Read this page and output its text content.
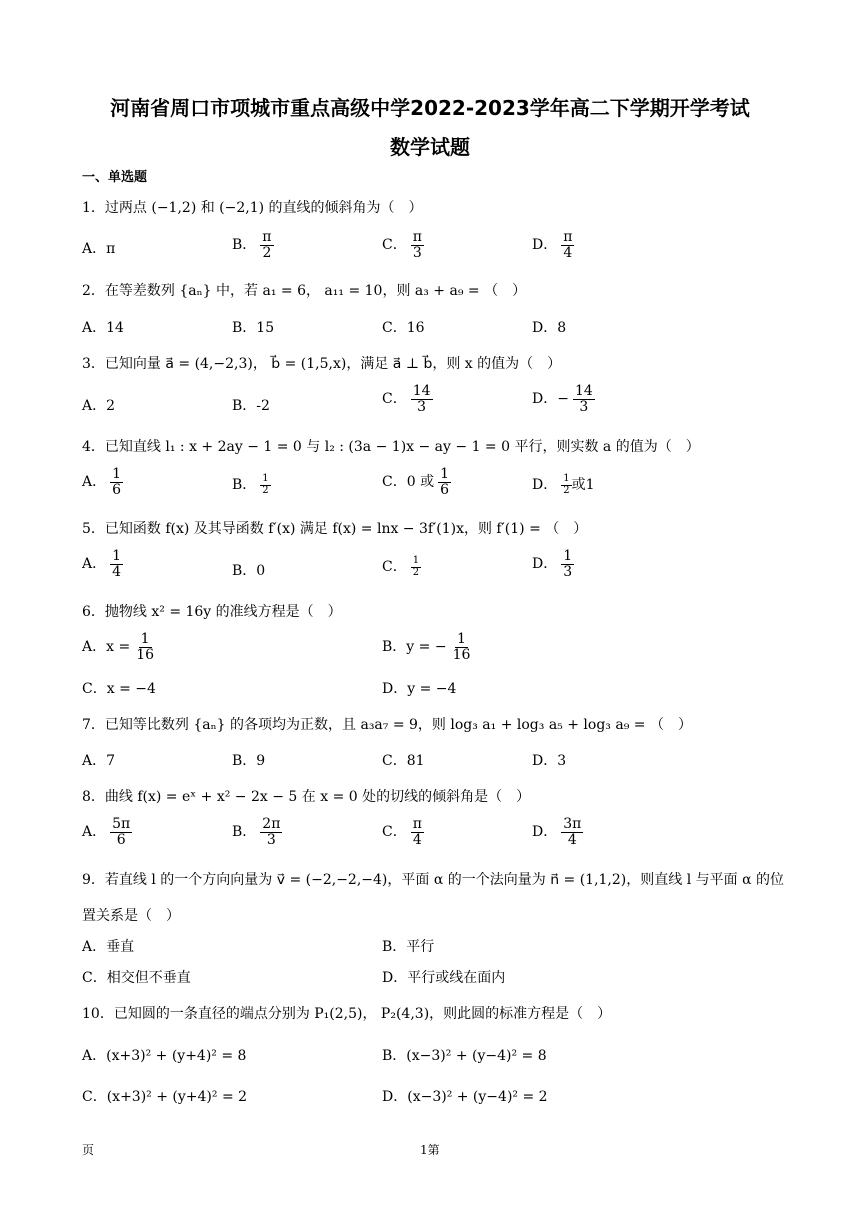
河南省周口市项城市重点高级中学2022-2023学年高二下学期开学考试
数学试题
一、单选题
1．过两点 (−1,2) 和 (−2,1) 的直线的倾斜角为（　）
A．π	B． $\frac{\pi}{2}$	C． $\frac{\pi}{3}$	D． $\frac{\pi}{4}$
2．在等差数列 {aₙ} 中，若 a₁ = 6， a₁₁ = 10，则 a₃ + a₉ = （　）
A．14	B．15	C．16	D．8
3．已知向量 a⃗ = (4,−2,3)， b⃗ = (1,5,x)，满足 a⃗ ⊥ b⃗，则 x 的值为（　）
A．2	B．-2	C． $\frac{14}{3}$	D．− $\frac{14}{3}$
4．已知直线 l₁ : x + 2ay − 1 = 0 与 l₂ : (3a − 1)x − ay − 1 = 0 平行，则实数 a 的值为（　）
A． $\frac{1}{6}$	B． $\frac{1}{2}$	C．0 或 $\frac{1}{6}$	D． $\frac{1}{2}$ 或1
5．已知函数 f(x) 及其导函数 f′(x) 满足 f(x) = lnx − 3f′(1)x，则 f′(1) = （　）
A． $\frac{1}{4}$	B．0	C． $\frac{1}{2}$	D． $\frac{1}{3}$
6．抛物线 x² = 16y 的准线方程是（　）
A．$x = \frac{1}{16}$	B．y = − $\frac{1}{16}$
C．x = −4	D．y = −4
7．已知等比数列 {aₙ} 的各项均为正数，且 a₃a₇ = 9，则 log₃ a₁ + log₃ a₅ + log₃ a₉ = （　）
A．7	B．9	C．81	D．3
8．曲线 f(x) = eˣ + x² − 2x − 5 在 x = 0 处的切线的倾斜角是（　）
A． $\frac{5\pi}{6}$	B． $\frac{2\pi}{3}$	C． $\frac{\pi}{4}$	D． $\frac{3\pi}{4}$
9．若直线 l 的一个方向向量为 v⃗ = (−2,−2,−4)，平面 α 的一个法向量为 n⃗ = (1,1,2)，则直线 l 与平面 α 的位
置关系是（　）
A．垂直	B．平行
C．相交但不垂直	D．平行或线在面内
10．已知圆的一条直径的端点分别为 P₁(2,5)， P₂(4,3)，则此圆的标准方程是（　）
A．(x+3)² + (y+4)² = 8	B．(x−3)² + (y−4)² = 8
C．(x+3)² + (y+4)² = 2	D．(x−3)² + (y−4)² = 2
页	1第
